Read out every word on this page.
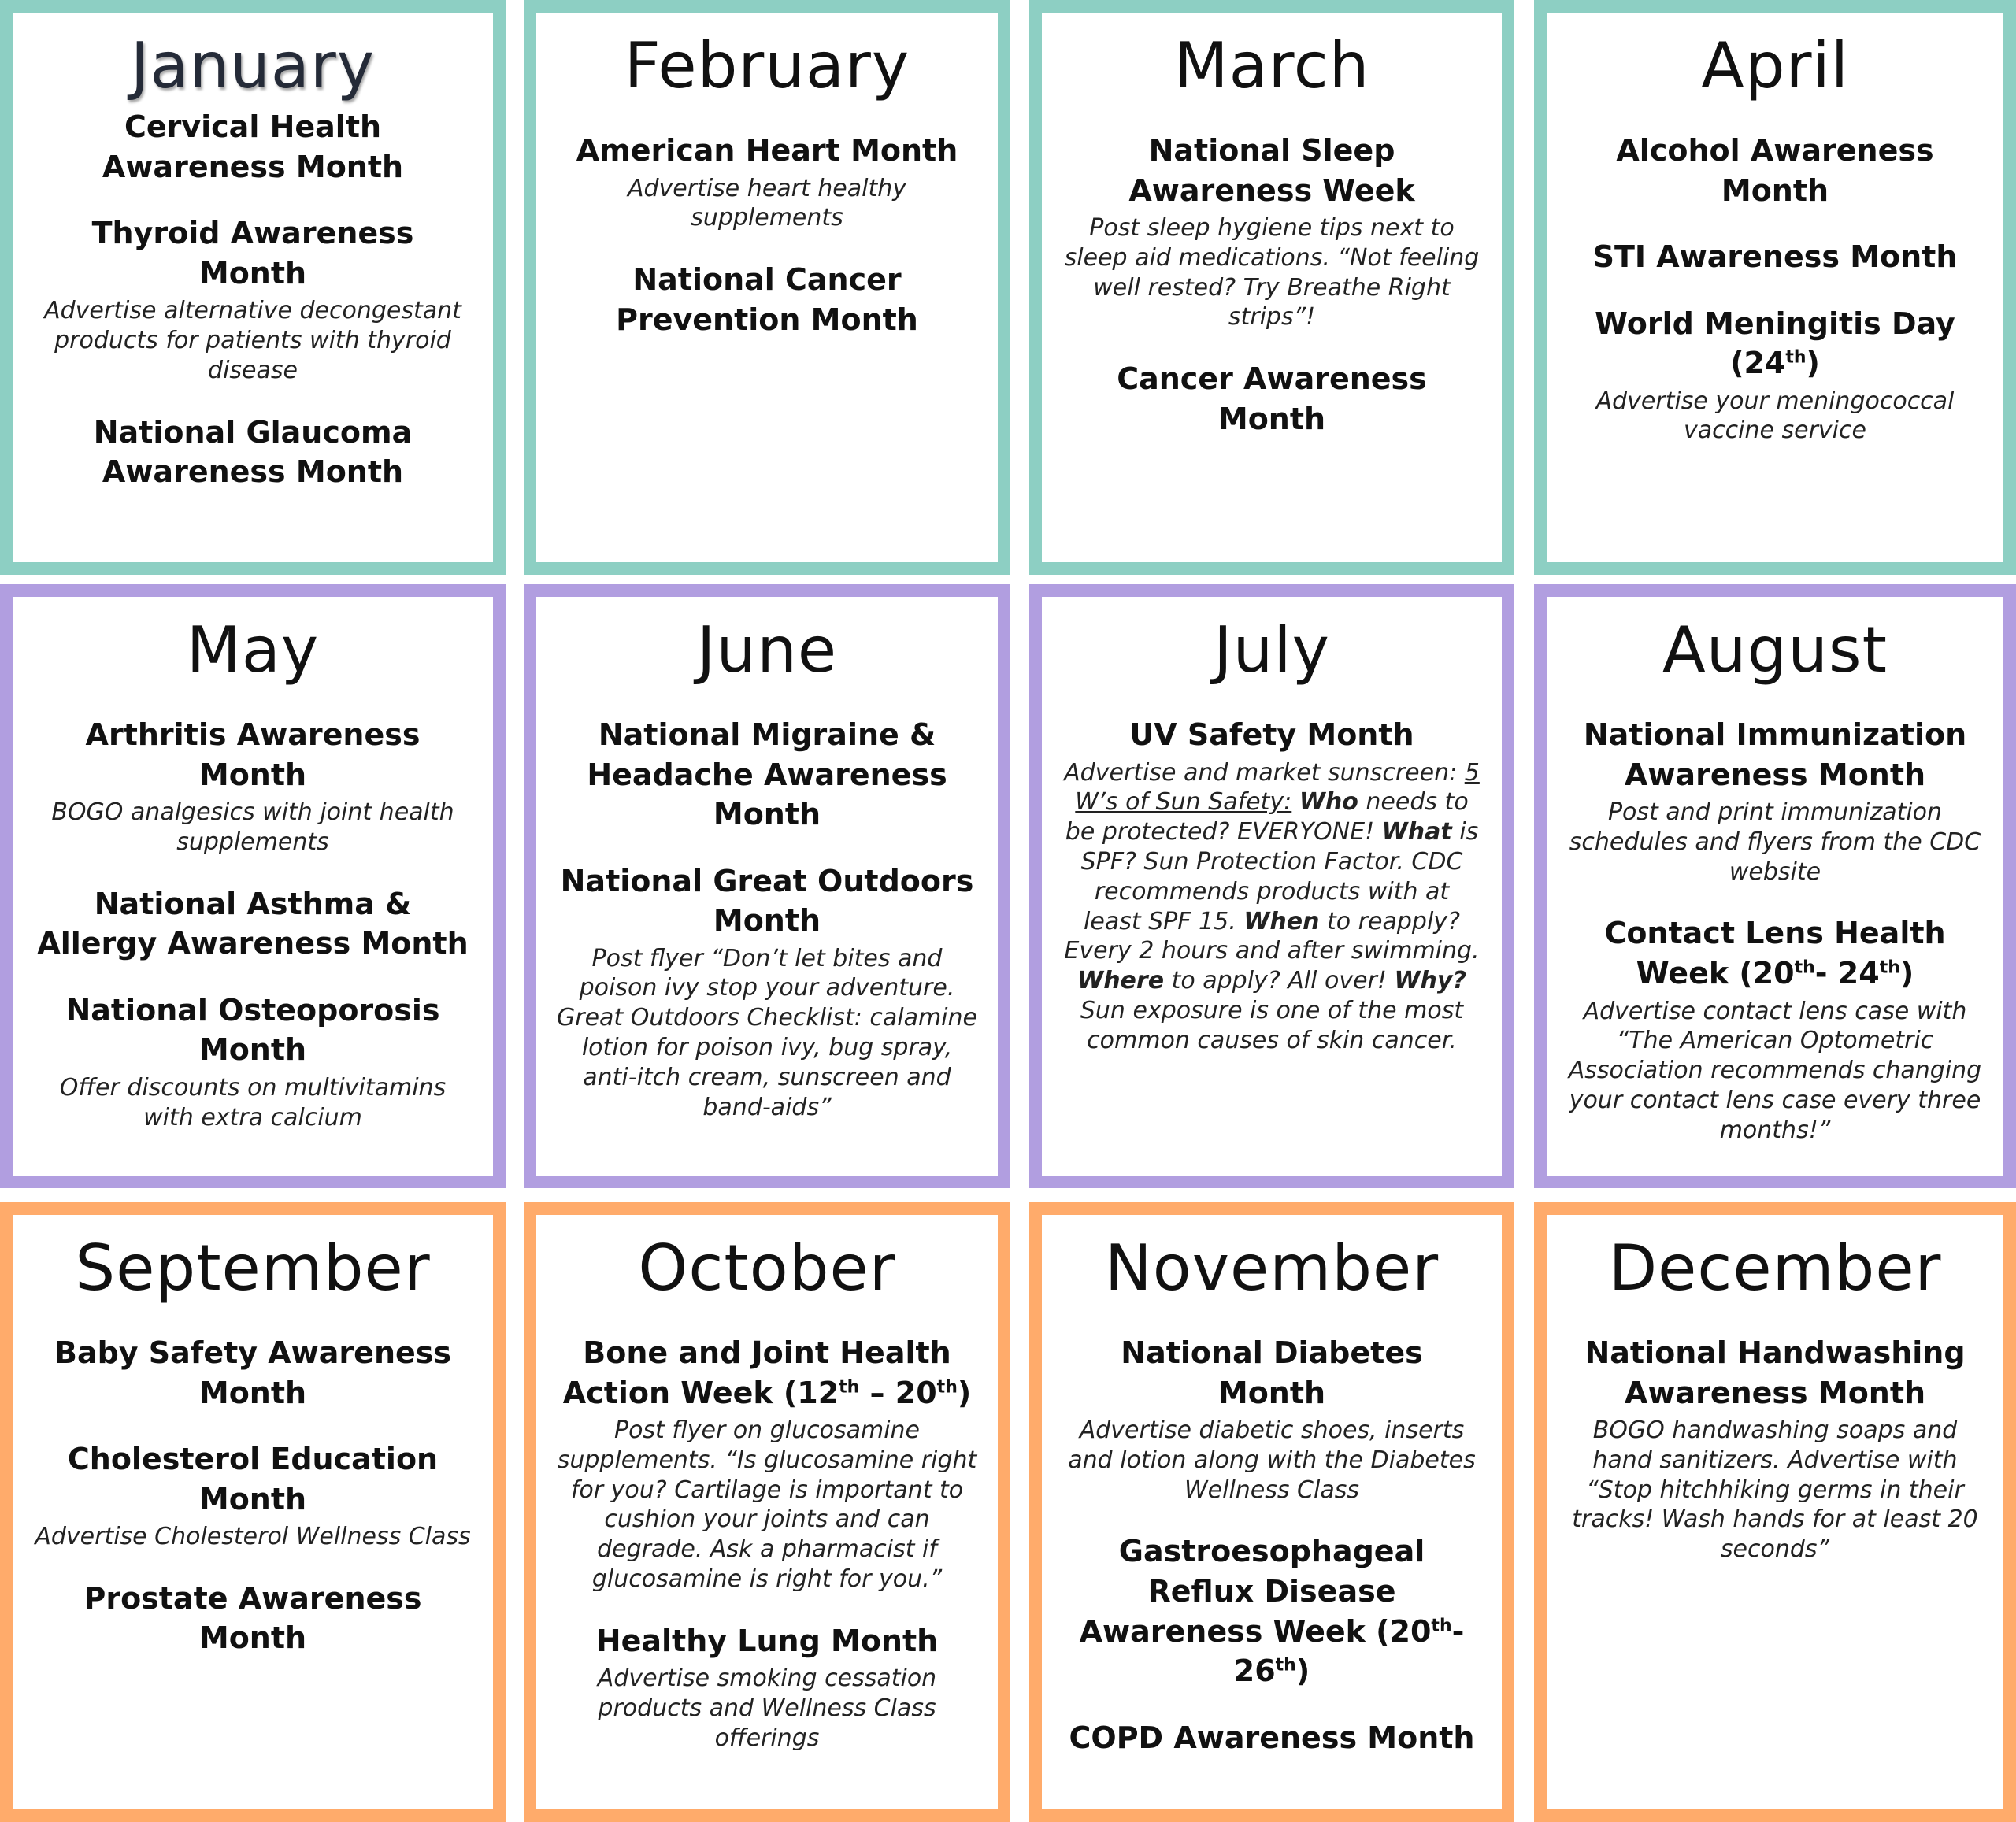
January
Cervical Health Awareness Month
Thyroid Awareness Month
Advertise alternative decongestant products for patients with thyroid disease
National Glaucoma Awareness Month
February
American Heart Month
Advertise heart healthy supplements
National Cancer Prevention Month
March
National Sleep Awareness Week
Post sleep hygiene tips next to sleep aid medications. “Not feeling well rested? Try Breathe Right strips”!
Cancer Awareness Month
April
Alcohol Awareness Month
STI Awareness Month
World Meningitis Day (24th)
Advertise your meningococcal vaccine service
May
Arthritis Awareness Month
BOGO analgesics with joint health supplements
National Asthma & Allergy Awareness Month
National Osteoporosis Month
Offer discounts on multivitamins with extra calcium
June
National Migraine & Headache Awareness Month
National Great Outdoors Month
Post flyer “Don’t let bites and poison ivy stop your adventure. Great Outdoors Checklist: calamine lotion for poison ivy, bug spray, anti-itch cream, sunscreen and band-aids”
July
UV Safety Month
Advertise and market sunscreen: 5 W’s of Sun Safety: Who needs to be protected? EVERYONE! What is SPF? Sun Protection Factor. CDC recommends products with at least SPF 15. When to reapply? Every 2 hours and after swimming. Where to apply? All over! Why? Sun exposure is one of the most common causes of skin cancer.
August
National Immunization Awareness Month
Post and print immunization schedules and flyers from the CDC website
Contact Lens Health Week (20th- 24th)
Advertise contact lens case with “The American Optometric Association recommends changing your contact lens case every three months!”
September
Baby Safety Awareness Month
Cholesterol Education Month
Advertise Cholesterol Wellness Class
Prostate Awareness Month
October
Bone and Joint Health Action Week (12th – 20th)
Post flyer on glucosamine supplements. “Is glucosamine right for you? Cartilage is important to cushion your joints and can degrade. Ask a pharmacist if glucosamine is right for you.”
Healthy Lung Month
Advertise smoking cessation products and Wellness Class offerings
November
National Diabetes Month
Advertise diabetic shoes, inserts and lotion along with the Diabetes Wellness Class
Gastroesophageal Reflux Disease Awareness Week (20th-26th)
COPD Awareness Month
December
National Handwashing Awareness Month
BOGO handwashing soaps and hand sanitizers. Advertise with “Stop hitchhiking germs in their tracks! Wash hands for at least 20 seconds”
